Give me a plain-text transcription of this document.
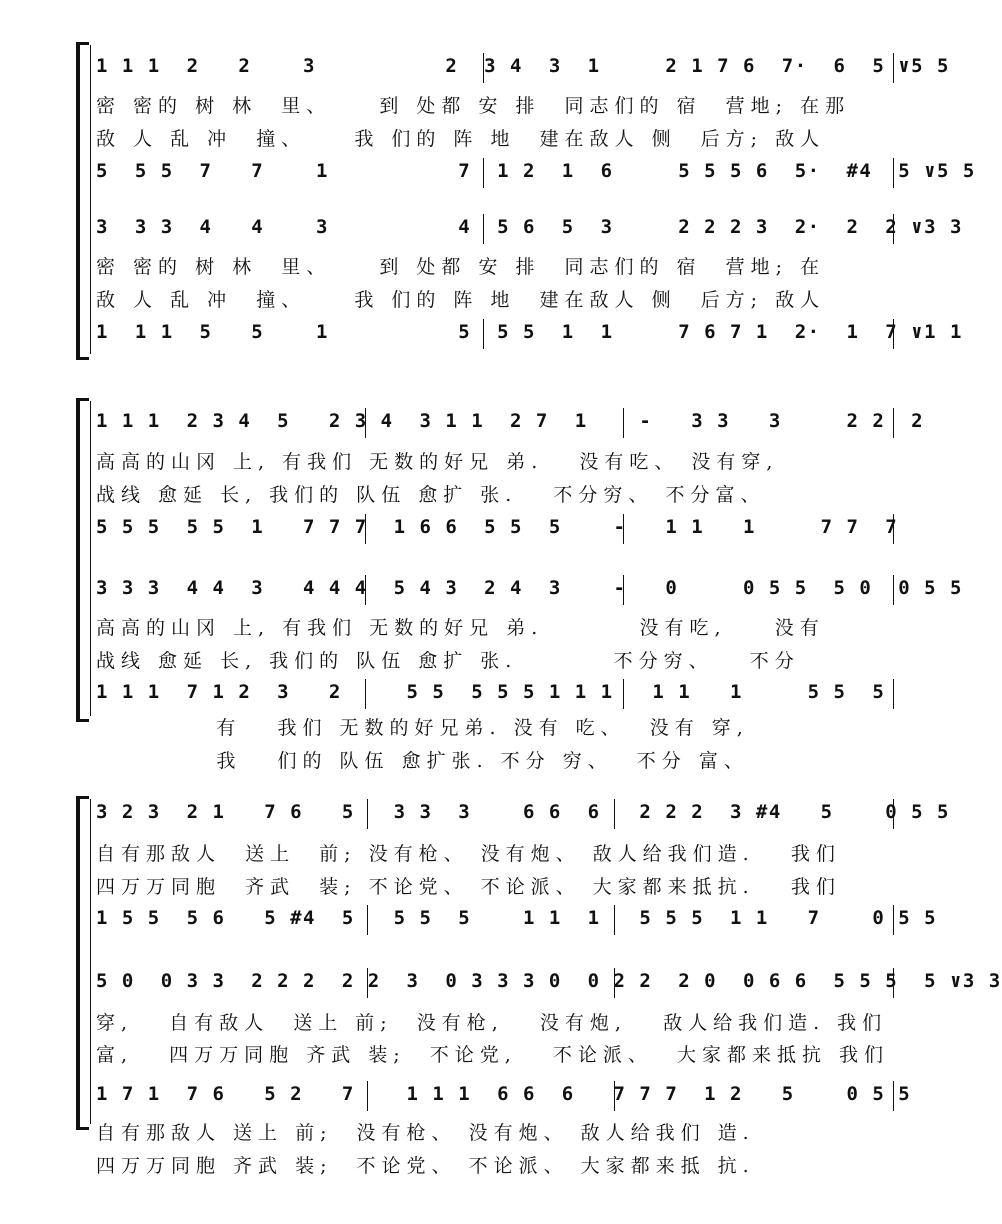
1 1 1  2   2    3          2  3 4  3  1     2 1 7 6  7·  6  5 ∨5 5
密 密的 树 林  里、    到 处都 安 排  同志们的 宿  营地; 在那
敌 人 乱 冲  撞、    我 们的 阵 地  建在敌人 侧  后方; 敌人
5  5 5  7   7    1          7  1 2  1  6     5 5 5 6  5·  #4  5 ∨5 5
3  3 3  4   4    3          4  5 6  5  3     2 2 2 3  2·  2  2 ∨3 3
密 密的 树 林  里、    到 处都 安 排  同志们的 宿  营地; 在
敌 人 乱 冲  撞、    我 们的 阵 地  建在敌人 侧  后方; 敌人
1  1 1  5   5    1          5  5 5  1  1     7 6 7 1  2·  1  7 ∨1 1
1 1 1  2 3 4  5   2 3 4  3 1 1  2 7  1    -   3 3   3     2 2  2
高高的山冈 上, 有我们 无数的好兄 弟.   没有吃、 没有穿,
战线 愈延 长, 我们的 队伍 愈扩 张.   不分穷、 不分富、
5 5 5  5 5  1   7 7 7  1 6 6  5 5  5    -   1 1   1     7 7  7
3 3 3  4 4  3   4 4 4  5 4 3  2 4  3    -   0     0 5 5  5 0  0 5 5
高高的山冈 上, 有我们 无数的好兄 弟.        没有吃,    没有
战线 愈延 长, 我们的 队伍 愈扩 张.        不分穷、   不分
1 1 1  7 1 2  3   2     5 5  5 5 5 1 1 1   1 1   1     5 5  5
有   我们 无数的好兄弟. 没有 吃、  没有 穿,
我   们的 队伍 愈扩张. 不分 穷、  不分 富、
3 2 3  2 1   7 6   5   3 3  3    6 6  6   2 2 2  3 #4   5    0 5 5
自有那敌人  送上  前; 没有枪、 没有炮、 敌人给我们造.   我们
四万万同胞  齐武  装; 不论党、 不论派、 大家都来抵抗.   我们
1 5 5  5 6   5 #4  5   5 5  5    1 1  1   5 5 5  1 1   7    0 5 5
5 0  0 3 3  2 2 2  2 2  3  0 3 3 3 0  0 2 2  2 0  0 6 6  5 5 5  5 ∨3 3
穿,   自有敌人  送上 前;  没有枪,   没有炮,   敌人给我们造. 我们
富,   四万万同胞 齐武 装;  不论党,   不论派、  大家都来抵抗 我们
1 7 1  7 6   5 2   7    1 1 1  6 6  6   7 7 7  1 2   5    0 5 5
自有那敌人 送上 前;  没有枪、 没有炮、 敌人给我们 造.
四万万同胞 齐武 装;  不论党、 不论派、 大家都来抵 抗.
